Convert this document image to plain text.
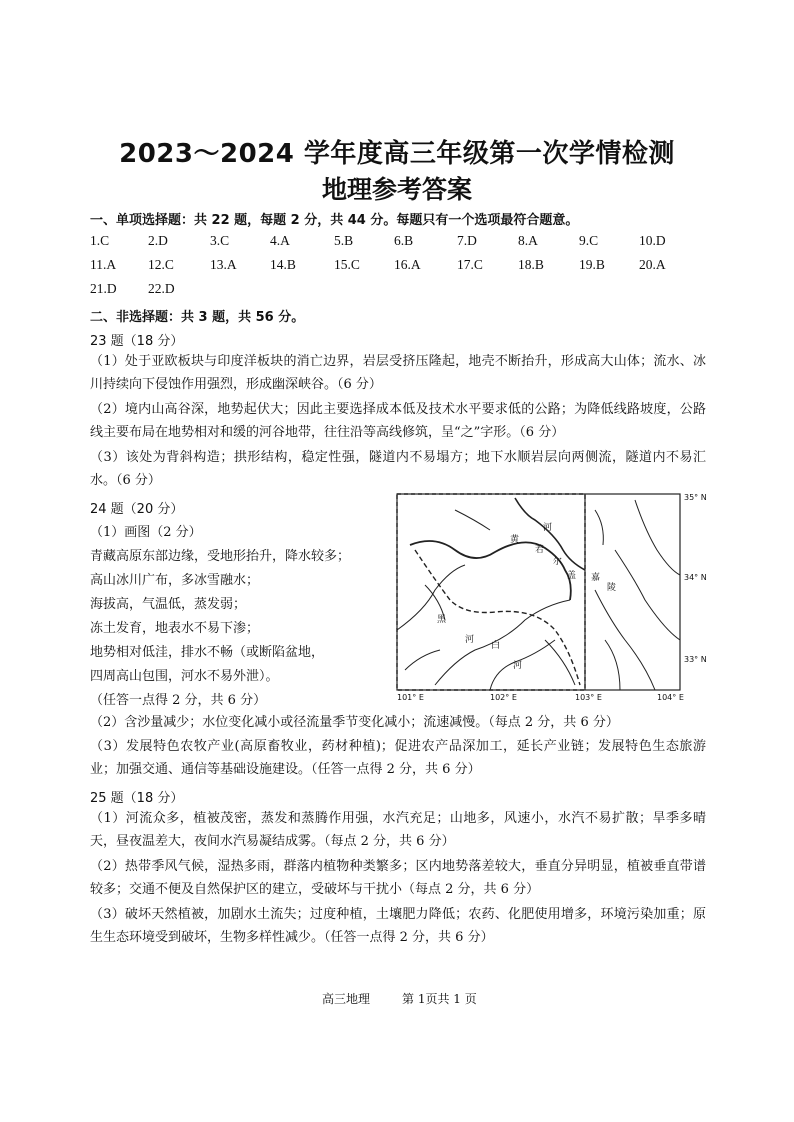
2023～2024 学年度高三年级第一次学情检测
地理参考答案
一、单项选择题：共 22 题，每题 2 分，共 44 分。每题只有一个选项最符合题意。
1.C	2.D	3.C	4.A	5.B	6.B	7.D	8.A	9.C	10.D
11.A 12.C	13.A 14.B	15.C	16.A	17.C	18.B	19.B	20.A
21.D 22.D
二、非选择题：共 3 题，共 56 分。
23 题（18 分）
（1）处于亚欧板块与印度洋板块的消亡边界，岩层受挤压隆起，地壳不断抬升，形成高大山体；流水、冰川持续向下侵蚀作用强烈，形成幽深峡谷。（6 分）
（2）境内山高谷深，地势起伏大；因此主要选择成本低及技术水平要求低的公路；为降低线路坡度，公路线主要布局在地势相对和缓的河谷地带，往往沿等高线修筑，呈“之”字形。（6 分）
（3）该处为背斜构造；拱形结构，稳定性强，隧道内不易塌方；地下水顺岩层向两侧流，隧道内不易汇水。（6 分）
24 题（20 分）
（1）画图（2 分）
青藏高原东部边缘，受地形抬升，降水较多；
高山冰川广布，多冰雪融水；
海拔高，气温低，蒸发弱；
冻土发育，地表水不易下渗；
地势相对低洼，排水不畅（或断陷盆地，
四周高山包围，河水不易外泄）。
（任答一点得 2 分，共 6 分）
35° N
34° N
33° N
101° E	102° E	103° E	104° E
黄
河
若
尔
盖
黑
河
白
河
嘉
陵
（2）含沙量减少；水位变化减小或径流量季节变化减小；流速减慢。（每点 2 分，共 6 分）
（3）发展特色农牧产业(高原畜牧业，药材种植)；促进农产品深加工，延长产业链；发展特色生态旅游业；加强交通、通信等基础设施建设。（任答一点得 2 分，共 6 分）
25 题（18 分）
（1）河流众多，植被茂密，蒸发和蒸腾作用强，水汽充足；山地多，风速小，水汽不易扩散；旱季多晴天，昼夜温差大，夜间水汽易凝结成雾。（每点 2 分，共 6 分）
（2）热带季风气候，湿热多雨，群落内植物种类繁多；区内地势落差较大，垂直分异明显，植被垂直带谱较多；交通不便及自然保护区的建立，受破坏与干扰小（每点 2 分，共 6 分）
（3）破坏天然植被，加剧水土流失；过度种植，土壤肥力降低；农药、化肥使用增多，环境污染加重；原生生态环境受到破坏，生物多样性减少。（任答一点得 2 分，共 6 分）
高三地理	第 1页共 1 页
